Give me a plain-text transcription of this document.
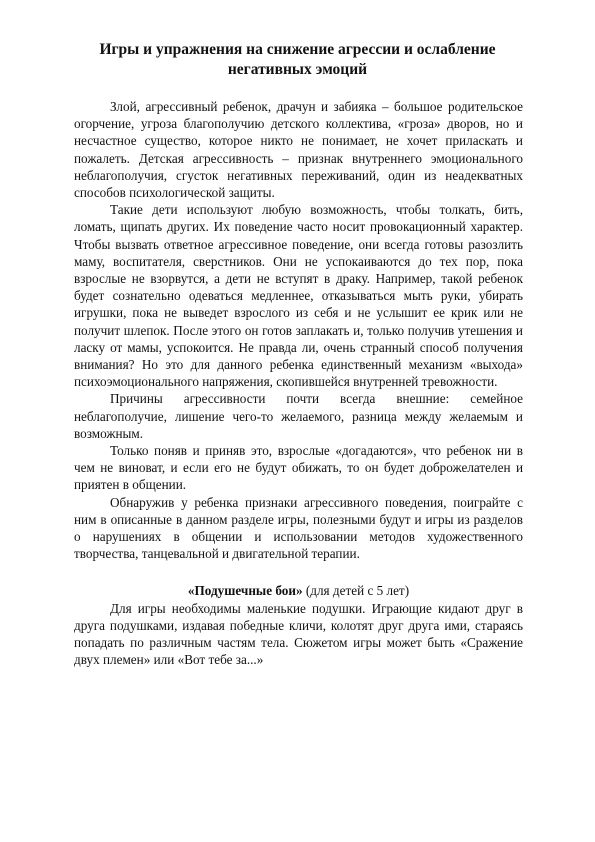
Игры и упражнения на снижение агрессии и ослабление негативных эмоций

Злой, агрессивный ребенок, драчун и забияка – большое родительское огорчение, угроза благополучию детского коллектива, «гроза» дворов, но и несчастное существо, которое никто не понимает, не хочет приласкать и пожалеть. Детская агрессивность – признак внутреннего эмоционального неблагополучия, сгусток негативных переживаний, один из неадекватных способов психологической защиты.

Такие дети используют любую возможность, чтобы толкать, бить, ломать, щипать других. Их поведение часто носит провокационный характер. Чтобы вызвать ответное агрессивное поведение, они всегда готовы разозлить маму, воспитателя, сверстников. Они не успокаиваются до тех пор, пока взрослые не взорвутся, а дети не вступят в драку. Например, такой ребенок будет сознательно одеваться медленнее, отказываться мыть руки, убирать игрушки, пока не выведет взрослого из себя и не услышит ее крик или не получит шлепок. После этого он готов заплакать и, только получив утешения и ласку от мамы, успокоится. Не правда ли, очень странный способ получения внимания? Но это для данного ребенка единственный механизм «выхода» психоэмоционального напряжения, скопившейся внутренней тревожности.

Причины агрессивности почти всегда внешние: семейное неблагополучие, лишение чего-то желаемого, разница между желаемым и возможным.

Только поняв и приняв это, взрослые «догадаются», что ребенок ни в чем не виноват, и если его не будут обижать, то он будет доброжелателен и приятен в общении.

Обнаружив у ребенка признаки агрессивного поведения, поиграйте с ним в описанные в данном разделе игры, полезными будут и игры из разделов о нарушениях в общении и использовании методов художественного творчества, танцевальной и двигательной терапии.

«Подушечные бои» (для детей с 5 лет)

Для игры необходимы маленькие подушки. Играющие кидают друг в друга подушками, издавая победные кличи, колотят друг друга ими, стараясь попадать по различным частям тела. Сюжетом игры может быть «Сражение двух племен» или «Вот тебе за...»
